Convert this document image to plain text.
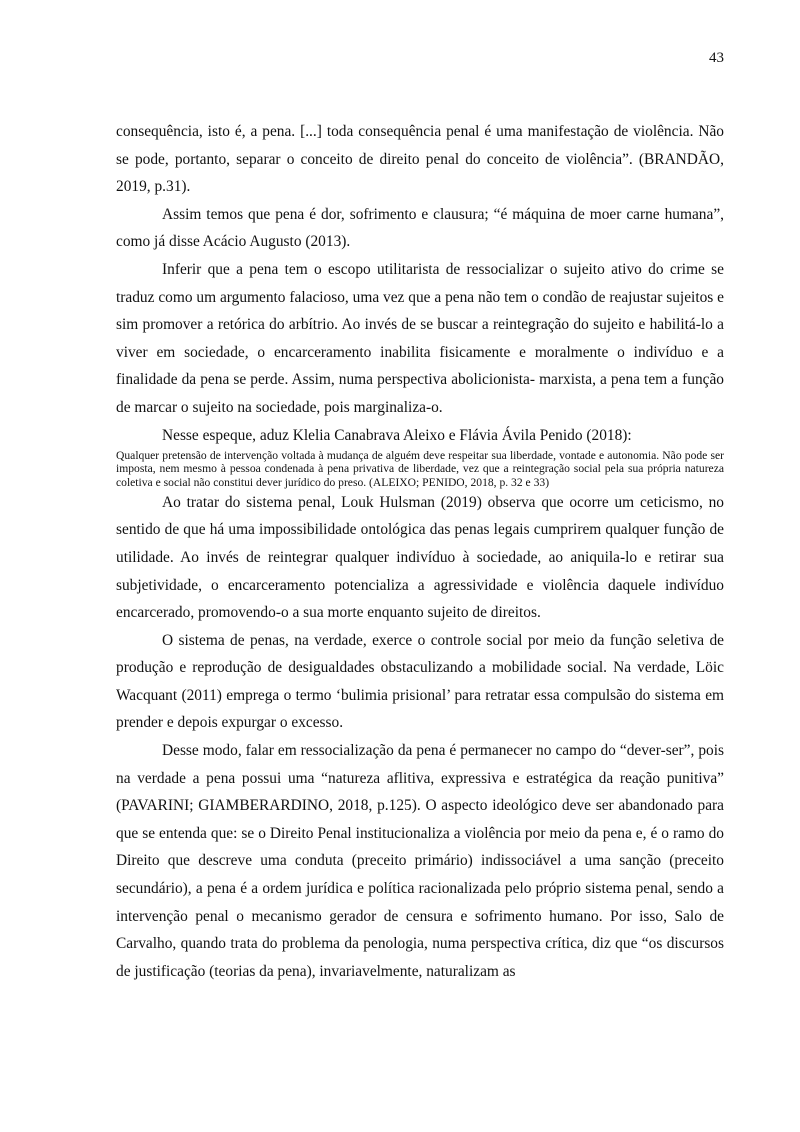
43

consequência, isto é, a pena. [...] toda consequência penal é uma manifestação de violência. Não se pode, portanto, separar o conceito de direito penal do conceito de violência”. (BRANDÃO, 2019, p.31).

Assim temos que pena é dor, sofrimento e clausura; “é máquina de moer carne humana”, como já disse Acácio Augusto (2013).

Inferir que a pena tem o escopo utilitarista de ressocializar o sujeito ativo do crime se traduz como um argumento falacioso, uma vez que a pena não tem o condão de reajustar sujeitos e sim promover a retórica do arbítrio. Ao invés de se buscar a reintegração do sujeito e habilitá-lo a viver em sociedade, o encarceramento inabilita fisicamente e moralmente o indivíduo e a finalidade da pena se perde. Assim, numa perspectiva abolicionista- marxista, a pena tem a função de marcar o sujeito na sociedade, pois marginaliza-o.

Nesse espeque, aduz Klelia Canabrava Aleixo e Flávia Ávila Penido (2018):

Qualquer pretensão de intervenção voltada à mudança de alguém deve respeitar sua liberdade, vontade e autonomia. Não pode ser imposta, nem mesmo à pessoa condenada à pena privativa de liberdade, vez que a reintegração social pela sua própria natureza coletiva e social não constitui dever jurídico do preso. (ALEIXO; PENIDO, 2018, p. 32 e 33)

Ao tratar do sistema penal, Louk Hulsman (2019) observa que ocorre um ceticismo, no sentido de que há uma impossibilidade ontológica das penas legais cumprirem qualquer função de utilidade. Ao invés de reintegrar qualquer indivíduo à sociedade, ao aniquila-lo e retirar sua subjetividade, o encarceramento potencializa a agressividade e violência daquele indivíduo encarcerado, promovendo-o a sua morte enquanto sujeito de direitos.

O sistema de penas, na verdade, exerce o controle social por meio da função seletiva de produção e reprodução de desigualdades obstaculizando a mobilidade social. Na verdade, Löic Wacquant (2011) emprega o termo ‘bulimia prisional’ para retratar essa compulsão do sistema em prender e depois expurgar o excesso.

Desse modo, falar em ressocialização da pena é permanecer no campo do “dever-ser”, pois na verdade a pena possui uma “natureza aflitiva, expressiva e estratégica da reação punitiva” (PAVARINI; GIAMBERARDINO, 2018, p.125). O aspecto ideológico deve ser abandonado para que se entenda que: se o Direito Penal institucionaliza a violência por meio da pena e, é o ramo do Direito que descreve uma conduta (preceito primário) indissociável a uma sanção (preceito secundário), a pena é a ordem jurídica e política racionalizada pelo próprio sistema penal, sendo a intervenção penal o mecanismo gerador de censura e sofrimento humano. Por isso, Salo de Carvalho, quando trata do problema da penologia, numa perspectiva crítica, diz que “os discursos de justificação (teorias da pena), invariavelmente, naturalizam as
